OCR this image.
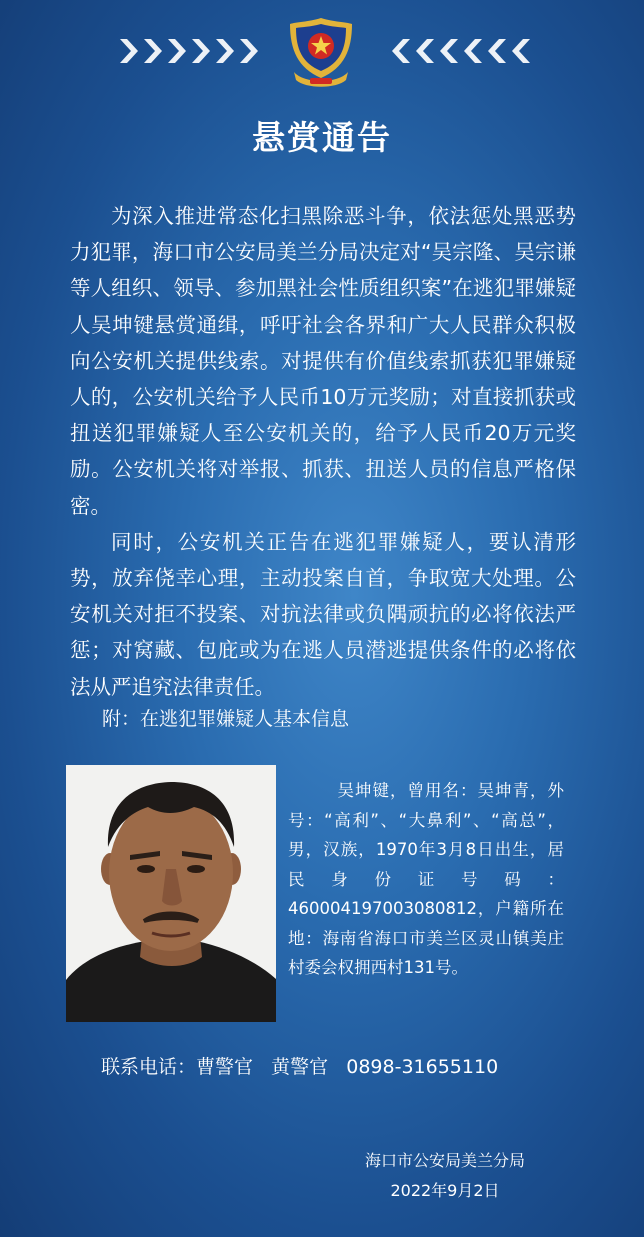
悬赏通告

为深入推进常态化扫黑除恶斗争，依法惩处黑恶势力犯罪，海口市公安局美兰分局决定对“吴宗隆、吴宗谦等人组织、领导、参加黑社会性质组织案”在逃犯罪嫌疑人吴坤键悬赏通缉，呼吁社会各界和广大人民群众积极向公安机关提供线索。对提供有价值线索抓获犯罪嫌疑人的，公安机关给予人民币10万元奖励；对直接抓获或扭送犯罪嫌疑人至公安机关的，给予人民币20万元奖励。公安机关将对举报、抓获、扭送人员的信息严格保密。

同时，公安机关正告在逃犯罪嫌疑人，要认清形势，放弃侥幸心理，主动投案自首，争取宽大处理。公安机关对拒不投案、对抗法律或负隅顽抗的必将依法严惩；对窝藏、包庇或为在逃人员潜逃提供条件的必将依法从严追究法律责任。

附：在逃犯罪嫌疑人基本信息

吴坤键，曾用名：吴坤青，外号：“高利”、“大鼻利”、“高总”，男，汉族，1970年3月8日出生，居民身份证号码：460004197003080812，户籍所在地：海南省海口市美兰区灵山镇美庄村委会权拥西村131号。

联系电话：曹警官   黄警官   0898-31655110
海口市公安局美兰分局
2022年9月2日
